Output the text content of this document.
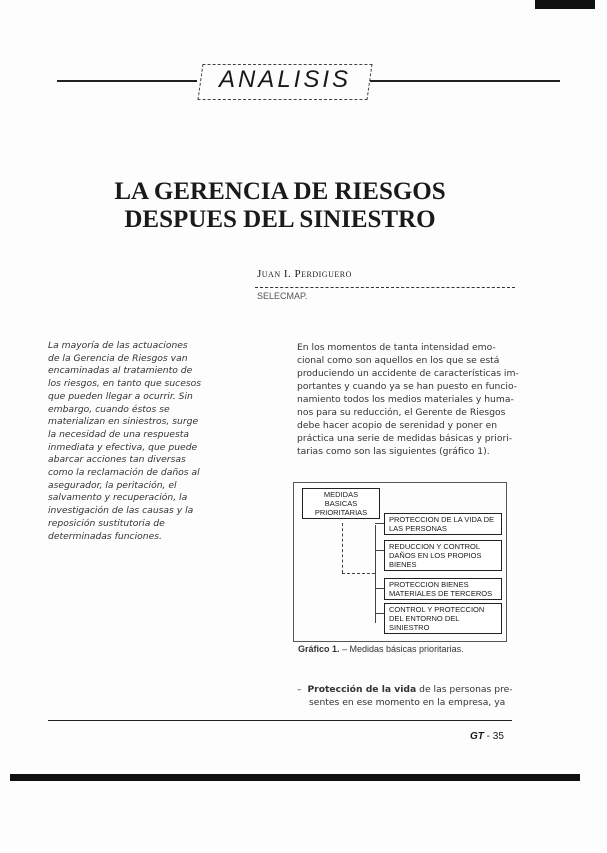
ANALISIS
LA GERENCIA DE RIESGOS
DESPUES DEL SINIESTRO
Juan I. Perdiguero
SELECMAP.
La mayoría de las actuaciones
de la Gerencia de Riesgos van
encaminadas al tratamiento de
los riesgos, en tanto que sucesos
que pueden llegar a ocurrir. Sin
embargo, cuando éstos se
materializan en siniestros, surge
la necesidad de una respuesta
inmediata y efectiva, que puede
abarcar acciones tan diversas
como la reclamación de daños al
asegurador, la peritación, el
salvamento y recuperación, la
investigación de las causas y la
reposición sustitutoria de
determinadas funciones.
En los momentos de tanta intensidad emo-
cional como son aquellos en los que se está
produciendo un accidente de características im-
portantes y cuando ya se han puesto en funcio-
namiento todos los medios materiales y huma-
nos para su reducción, el Gerente de Riesgos
debe hacer acopio de serenidad y poner en
práctica una serie de medidas básicas y priori-
tarias como son las siguientes (gráfico 1).
MEDIDAS
BASICAS
PRIORITARIAS
PROTECCION DE LA VIDA DE
LAS PERSONAS
REDUCCION Y CONTROL
DAÑOS EN LOS PROPIOS
BIENES
PROTECCION BIENES
MATERIALES DE TERCEROS
CONTROL Y PROTECCION
DEL ENTORNO DEL
SINIESTRO
Gráfico 1. – Medidas básicas prioritarias.
– Protección de la vida de las personas pre-
sentes en ese momento en la empresa, ya
GT - 35
